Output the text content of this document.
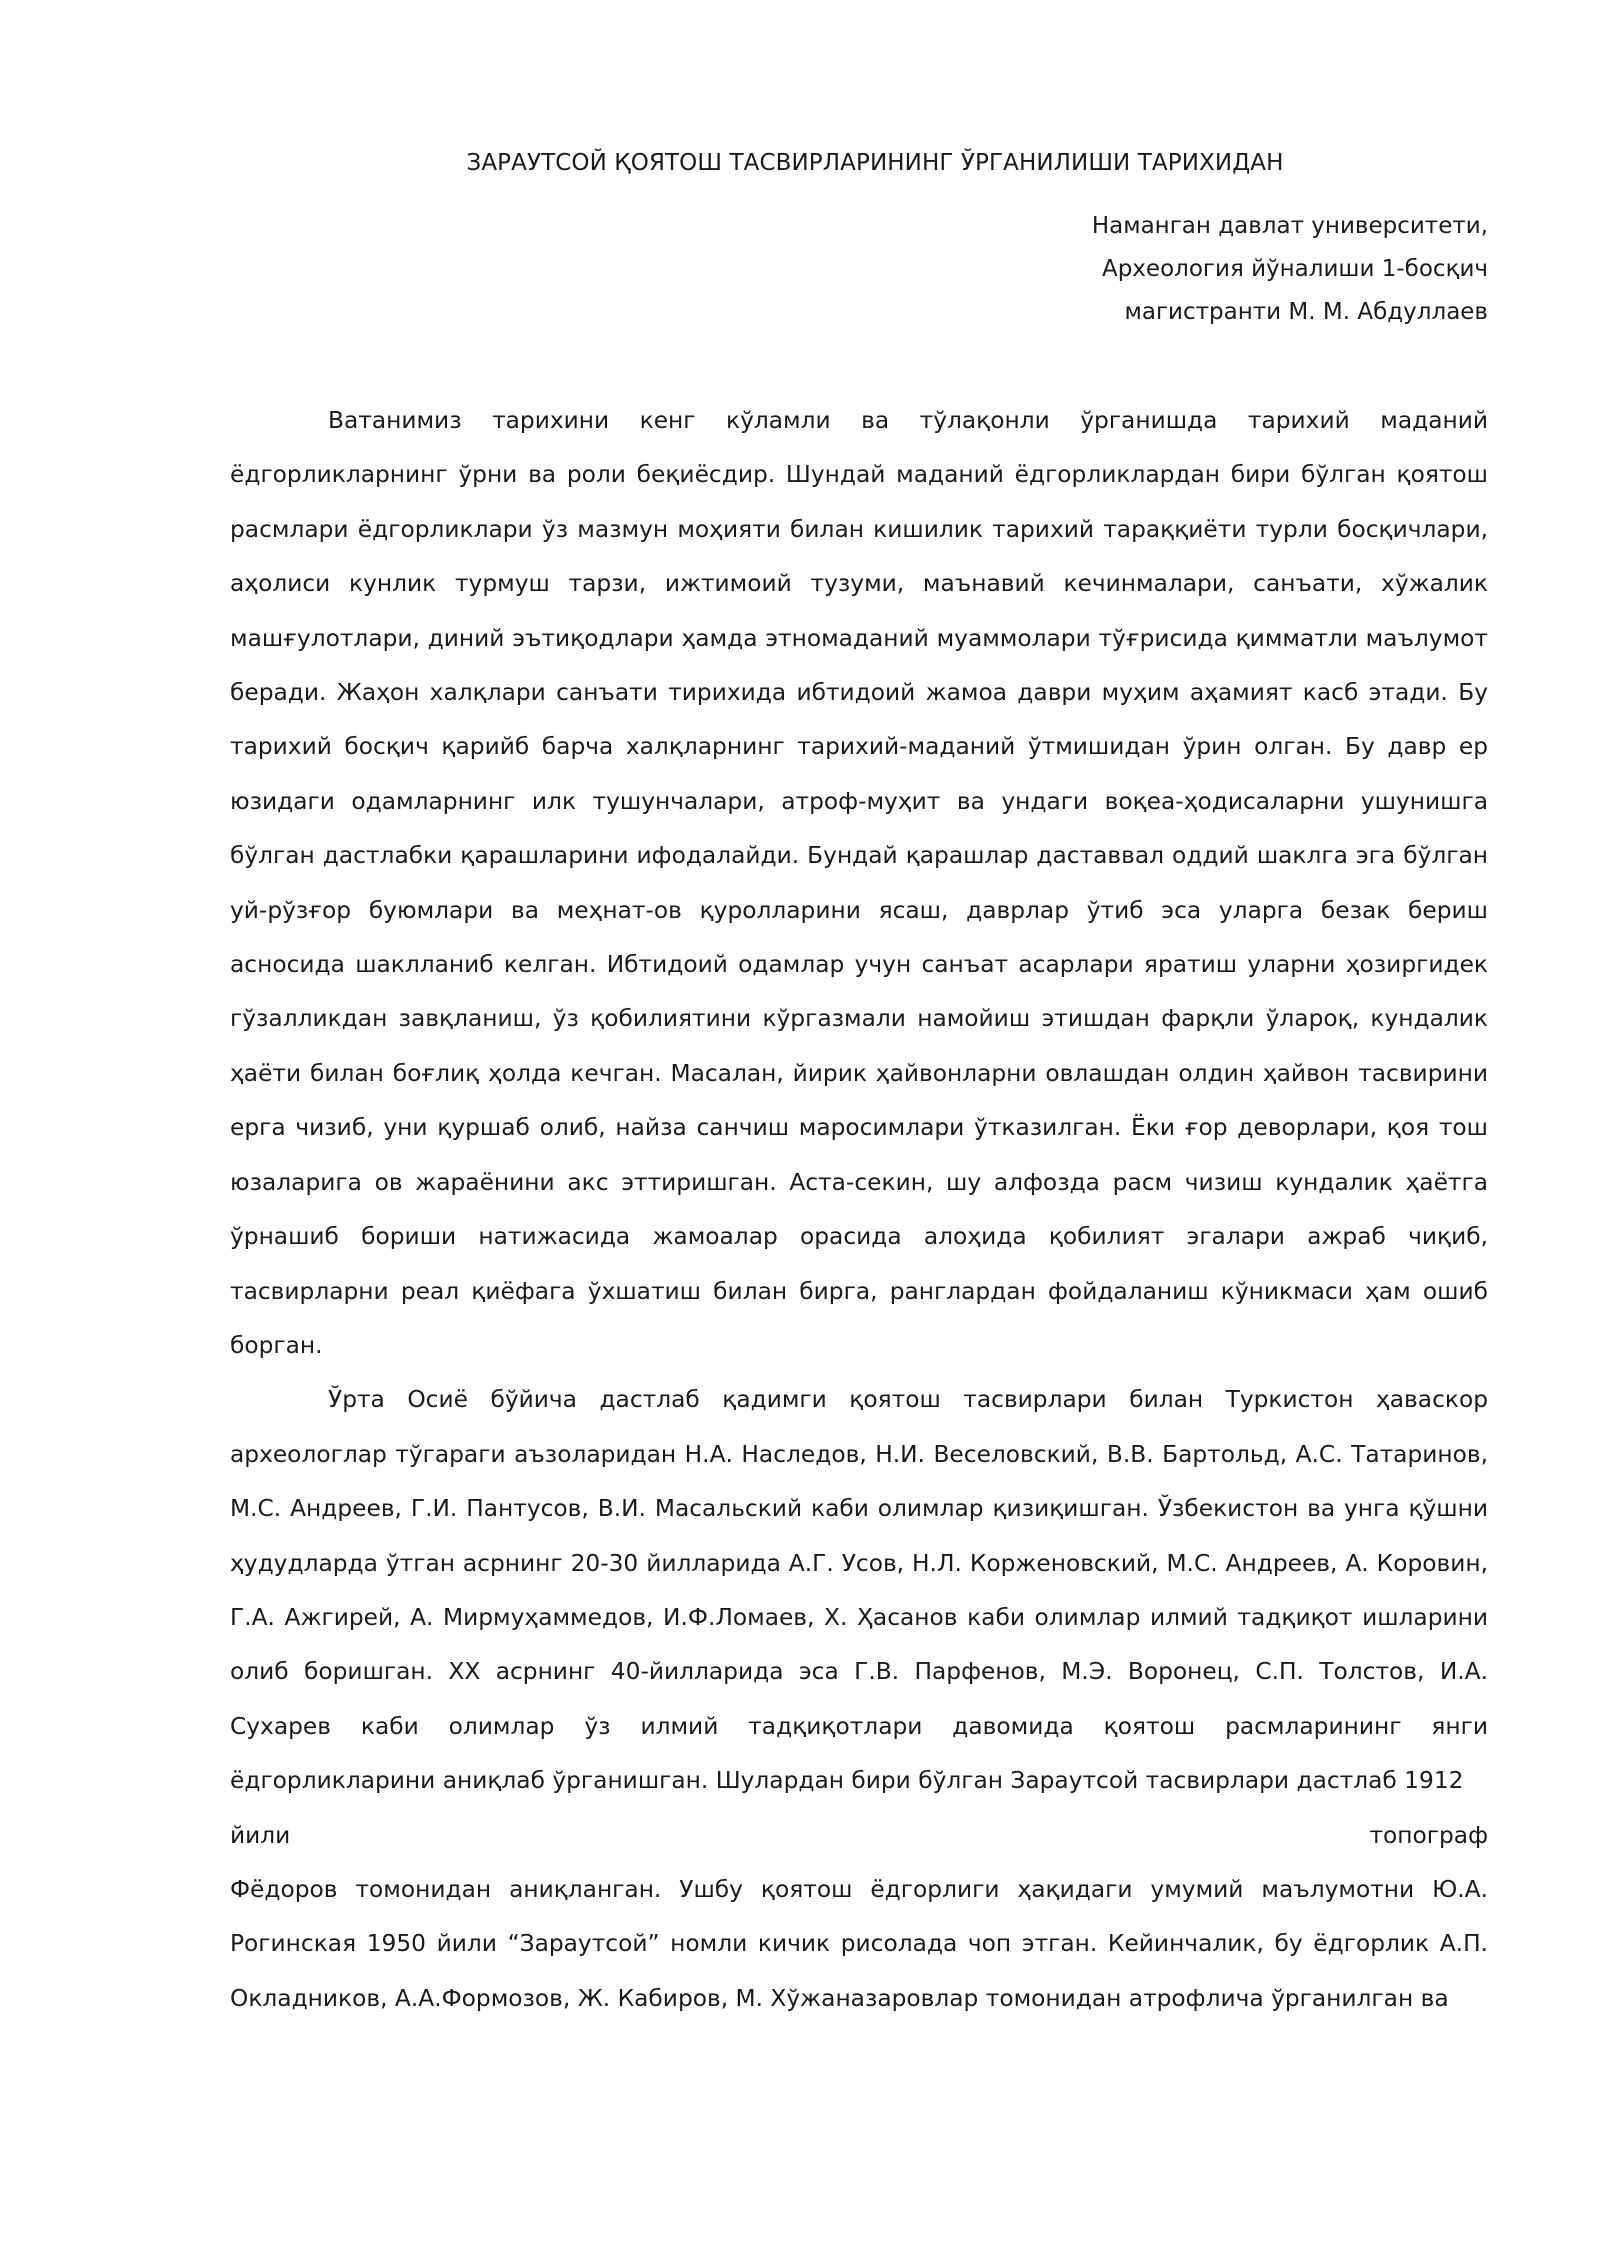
ЗАРАУТСОЙ ҚОЯТОШ ТАСВИРЛАРИНИНГ ЎРГАНИЛИШИ ТАРИХИДАН
Наманган давлат университети,
Археология йўналиши 1-босқич
магистранти М. М. Абдуллаев

Ватанимиз тарихини кенг кўламли ва тўлақонли ўрганишда тарихий маданий ёдгорликларнинг ўрни ва роли беқиёсдир. Шундай маданий ёдгорликлардан бири бўлган қоятош расмлари ёдгорликлари ўз мазмун моҳияти билан кишилик тарихий тараққиёти турли босқичлари, аҳолиси кунлик турмуш тарзи, ижтимоий тузуми, маънавий кечинмалари, санъати, хўжалик машғулотлари, диний эътиқодлари ҳамда этномаданий муаммолари тўғрисида қимматли маълумот беради. Жаҳон халқлари санъати тирихида ибтидоий жамоа даври муҳим аҳамият касб этади. Бу тарихий босқич қарийб барча халқларнинг тарихий-маданий ўтмишидан ўрин олган. Бу давр ер юзидаги одамларнинг илк тушунчалари, атроф-муҳит ва ундаги воқеа-ҳодисаларни ушунишга бўлган дастлабки қарашларини ифодалайди. Бундай қарашлар даставвал оддий шаклга эга бўлган уй-рўзғор буюмлари ва меҳнат-ов қуролларини ясаш, даврлар ўтиб эса уларга безак бериш асносида шаклланиб келган. Ибтидоий одамлар учун санъат асарлари яратиш уларни ҳозиргидек гўзалликдан завқланиш, ўз қобилиятини кўргазмали намойиш этишдан фарқли ўлароқ, кундалик ҳаёти билан боғлиқ ҳолда кечган. Масалан, йирик ҳайвонларни овлашдан олдин ҳайвон тасвирини ерга чизиб, уни қуршаб олиб, найза санчиш маросимлари ўтказилган. Ёки ғор деворлари, қоя тош юзаларига ов жараёнини акс эттиришган. Аста-секин, шу алфозда расм чизиш кундалик ҳаётга ўрнашиб бориши натижасида жамоалар орасида алоҳида қобилият эгалари ажраб чиқиб, тасвирларни реал қиёфага ўхшатиш билан бирга, ранглардан фойдаланиш кўникмаси ҳам ошиб борган.

Ўрта Осиё бўйича дастлаб қадимги қоятош тасвирлари билан Туркистон ҳаваскор археологлар тўгараги аъзоларидан Н.А. Наследов, Н.И. Веселовский, В.В. Бартольд, А.С. Татаринов, М.С. Андреев, Г.И. Пантусов, В.И. Масальский каби олимлар қизиқишган. Ўзбекистон ва унга қўшни ҳудудларда ўтган асрнинг 20-30 йилларида А.Г. Усов, Н.Л. Корженовский, М.С. Андреев, А. Коровин, Г.А. Ажгирей, А. Мирмуҳаммедов, И.Ф.Ломаев, Х. Ҳасанов каби олимлар илмий тадқиқот ишларини олиб боришган. ХХ асрнинг 40-йилларида эса Г.В. Парфенов, М.Э. Воронец, С.П. Толстов, И.А. Сухарев каби олимлар ўз илмий тадқиқотлари давомида қоятош расмларининг янги ёдгорликларини аниқлаб ўрганишган. Шулардан бири бўлган Зараутсой тасвирлари дастлаб 1912

йили топограф

Фёдоров томонидан аниқланган. Ушбу қоятош ёдгорлиги ҳақидаги умумий маълумотни Ю.А. Рогинская 1950 йили “Зараутсой” номли кичик рисолада чоп этган. Кейинчалик, бу ёдгорлик А.П. Окладников, А.А.Формозов, Ж. Кабиров, М. Хўжаназаровлар томонидан атрофлича ўрганилган ва
